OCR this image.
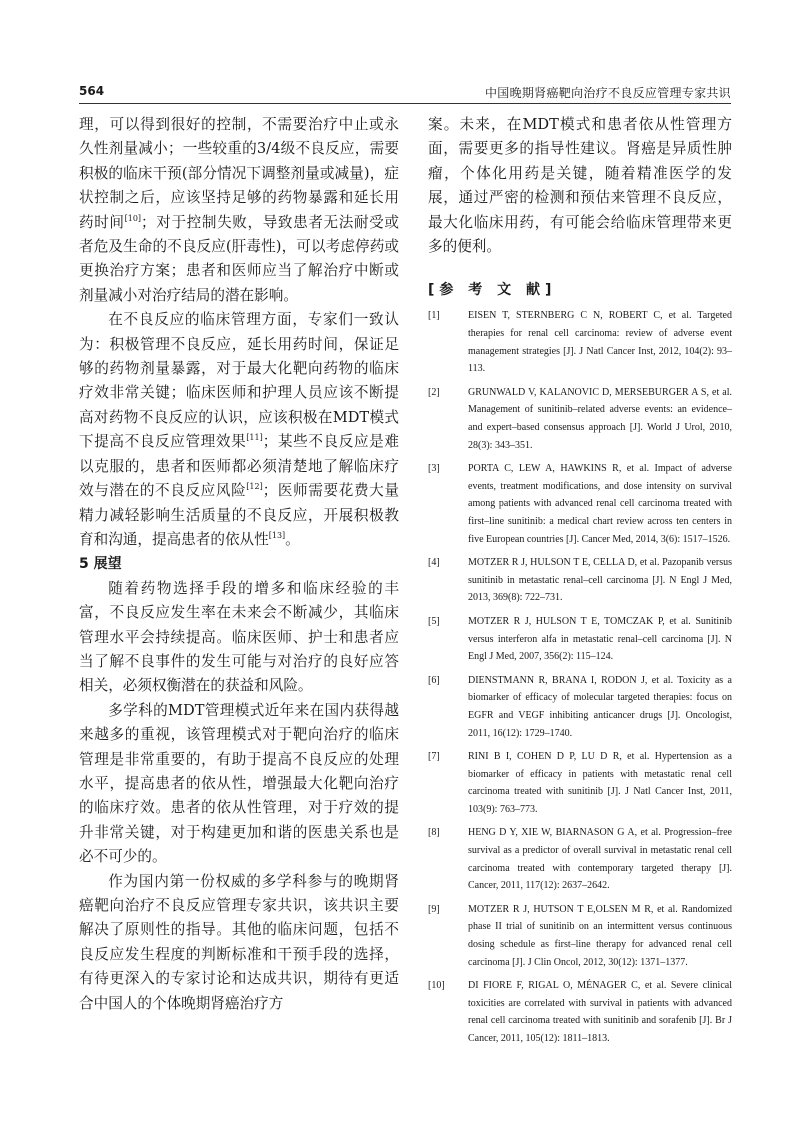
564	中国晚期肾癌靶向治疗不良反应管理专家共识

理，可以得到很好的控制，不需要治疗中止或永久性剂量减小；一些较重的3/4级不良反应，需要积极的临床干预(部分情况下调整剂量或减量)，症状控制之后，应该坚持足够的药物暴露和延长用药时间[10]；对于控制失败，导致患者无法耐受或者危及生命的不良反应(肝毒性)，可以考虑停药或更换治疗方案；患者和医师应当了解治疗中断或剂量减小对治疗结局的潜在影响。

在不良反应的临床管理方面，专家们一致认为：积极管理不良反应，延长用药时间，保证足够的药物剂量暴露，对于最大化靶向药物的临床疗效非常关键；临床医师和护理人员应该不断提高对药物不良反应的认识，应该积极在MDT模式下提高不良反应管理效果[11]；某些不良反应是难以克服的，患者和医师都必须清楚地了解临床疗效与潜在的不良反应风险[12]；医师需要花费大量精力减轻影响生活质量的不良反应，开展积极教育和沟通，提高患者的依从性[13]。

5 展望

随着药物选择手段的增多和临床经验的丰富，不良反应发生率在未来会不断减少，其临床管理水平会持续提高。临床医师、护士和患者应当了解不良事件的发生可能与对治疗的良好应答相关，必须权衡潜在的获益和风险。

多学科的MDT管理模式近年来在国内获得越来越多的重视，该管理模式对于靶向治疗的临床管理是非常重要的，有助于提高不良反应的处理水平，提高患者的依从性，增强最大化靶向治疗的临床疗效。患者的依从性管理，对于疗效的提升非常关键，对于构建更加和谐的医患关系也是必不可少的。

作为国内第一份权威的多学科参与的晚期肾癌靶向治疗不良反应管理专家共识，该共识主要解决了原则性的指导。其他的临床问题，包括不良反应发生程度的判断标准和干预手段的选择，有待更深入的专家讨论和达成共识，期待有更适合中国人的个体晚期肾癌治疗方

案。未来，在MDT模式和患者依从性管理方面，需要更多的指导性建议。肾癌是异质性肿瘤，个体化用药是关键，随着精准医学的发展，通过严密的检测和预估来管理不良反应，最大化临床用药，有可能会给临床管理带来更多的便利。

[参 考 文 献]
[1]	EISEN T, STERNBERG C N, ROBERT C, et al. Targeted therapies for renal cell carcinoma: review of adverse event management strategies [J]. J Natl Cancer Inst, 2012, 104(2): 93–113.
[2]	GRUNWALD V, KALANOVIC D, MERSEBURGER A S, et al. Management of sunitinib–related adverse events: an evidence– and expert–based consensus approach [J]. World J Urol, 2010, 28(3): 343–351.
[3]	PORTA C, LEW A, HAWKINS R, et al. Impact of adverse events, treatment modifications, and dose intensity on survival among patients with advanced renal cell carcinoma treated with first–line sunitinib: a medical chart review across ten centers in five European countries [J]. Cancer Med, 2014, 3(6): 1517–1526.
[4]	MOTZER R J, HULSON T E, CELLA D, et al. Pazopanib versus sunitinib in metastatic renal–cell carcinoma [J]. N Engl J Med, 2013, 369(8): 722–731.
[5]	MOTZER R J, HULSON T E, TOMCZAK P, et al. Sunitinib versus interferon alfa in metastatic renal–cell carcinoma [J]. N Engl J Med, 2007, 356(2): 115–124.
[6]	DIENSTMANN R, BRANA I, RODON J, et al. Toxicity as a biomarker of efficacy of molecular targeted therapies: focus on EGFR and VEGF inhibiting anticancer drugs [J]. Oncologist, 2011, 16(12): 1729–1740.
[7]	RINI B I, COHEN D P, LU D R, et al. Hypertension as a biomarker of efficacy in patients with metastatic renal cell carcinoma treated with sunitinib [J]. J Natl Cancer Inst, 2011, 103(9): 763–773.
[8]	HENG D Y, XIE W, BIARNASON G A, et al. Progression–free survival as a predictor of overall survival in metastatic renal cell carcinoma treated with contemporary targeted therapy [J]. Cancer, 2011, 117(12): 2637–2642.
[9]	MOTZER R J, HUTSON T E,OLSEN M R, et al. Randomized phase II trial of sunitinib on an intermittent versus continuous dosing schedule as first–line therapy for advanced renal cell carcinoma [J]. J Clin Oncol, 2012, 30(12): 1371–1377.
[10]	DI FIORE F, RIGAL O, MÉNAGER C, et al. Severe clinical toxicities are correlated with survival in patients with advanced renal cell carcinoma treated with sunitinib and sorafenib [J]. Br J Cancer, 2011, 105(12): 1811–1813.
